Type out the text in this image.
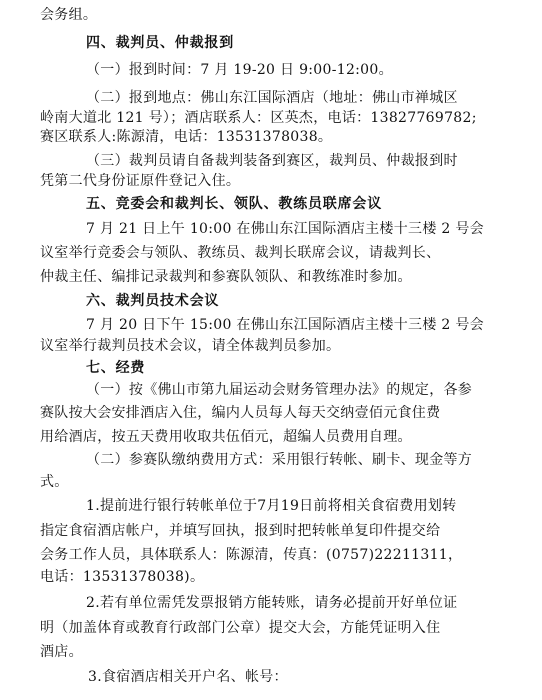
会务组。
四、裁判员、仲裁报到
（一）报到时间：7 月 19-20 日 9:00-12:00。
（二）报到地点：佛山东江国际酒店（地址：佛山市禅城区
岭南大道北 121 号）；酒店联系人：区英杰，电话：13827769782;
赛区联系人:陈源清，电话：13531378038。
（三）裁判员请自备裁判装备到赛区，裁判员、仲裁报到时
凭第二代身份证原件登记入住。
五、竞委会和裁判长、领队、教练员联席会议
7 月 21 日上午 10:00 在佛山东江国际酒店主楼十三楼 2 号会
议室举行竞委会与领队、教练员、裁判长联席会议，请裁判长、
仲裁主任、编排记录裁判和参赛队领队、和教练准时参加。
六、裁判员技术会议
7 月 20 日下午 15:00 在佛山东江国际酒店主楼十三楼 2 号会
议室举行裁判员技术会议，请全体裁判员参加。
七、经费
（一）按《佛山市第九届运动会财务管理办法》的规定，各参
赛队按大会安排酒店入住，编内人员每人每天交纳壹佰元食住费
用给酒店，按五天费用收取共伍佰元，超编人员费用自理。
（二）参赛队缴纳费用方式：采用银行转帐、刷卡、现金等方
式。
1.提前进行银行转帐单位于7月19日前将相关食宿费用划转
指定食宿酒店帐户，并填写回执，报到时把转帐单复印件提交给
会务工作人员，具体联系人：陈源清，传真：(0757)22211311，
电话：13531378038)。
2.若有单位需凭发票报销方能转账，请务必提前开好单位证
明（加盖体育或教育行政部门公章）提交大会，方能凭证明入住
酒店。
3.食宿酒店相关开户名、帐号：
